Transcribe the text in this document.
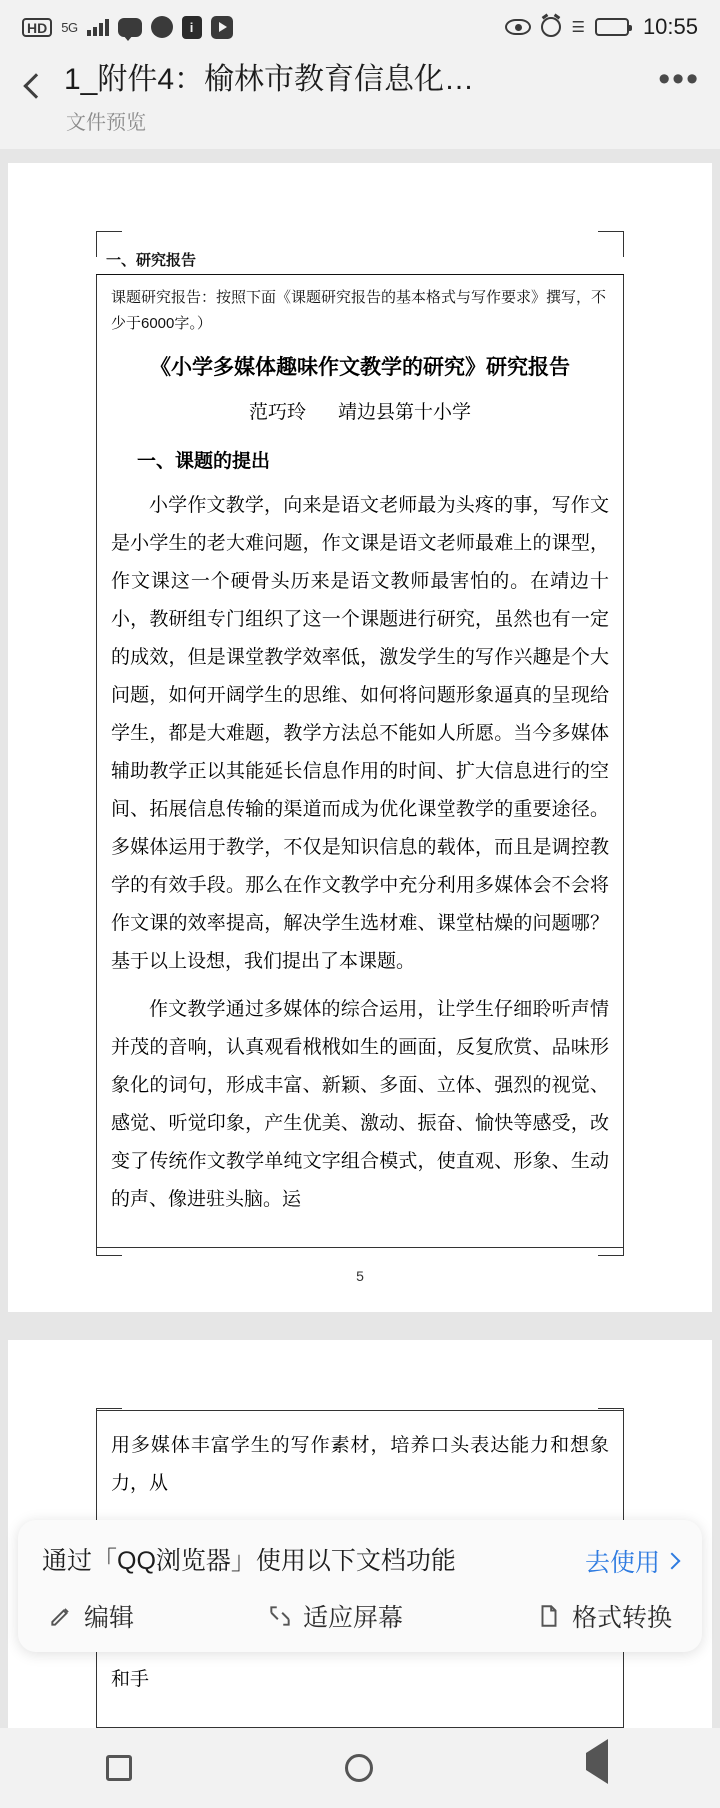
HD	5G	i	☰	10:55
1_附件4：榆林市教育信息化…
文件预览
•••
一、研究报告
课题研究报告：按照下面《课题研究报告的基本格式与写作要求》撰写，不少于6000字。）
《小学多媒体趣味作文教学的研究》研究报告
范巧玲 靖边县第十小学
一、课题的提出

小学作文教学，向来是语文老师最为头疼的事，写作文是小学生的老大难问题，作文课是语文老师最难上的课型，作文课这一个硬骨头历来是语文教师最害怕的。在靖边十小，教研组专门组织了这一个课题进行研究，虽然也有一定的成效，但是课堂教学效率低，激发学生的写作兴趣是个大问题，如何开阔学生的思维、如何将问题形象逼真的呈现给学生，都是大难题，教学方法总不能如人所愿。当今多媒体辅助教学正以其能延长信息作用的时间、扩大信息进行的空间、拓展信息传输的渠道而成为优化课堂教学的重要途径。多媒体运用于教学，不仅是知识信息的载体，而且是调控教学的有效手段。那么在作文教学中充分利用多媒体会不会将作文课的效率提高，解决学生选材难、课堂枯燥的问题哪？基于以上设想，我们提出了本课题。

作文教学通过多媒体的综合运用，让学生仔细聆听声情并茂的音响，认真观看栰栰如生的画面，反复欣赏、品味形象化的词句，形成丰富、新颖、多面、立体、强烈的视觉、感觉、听觉印象，产生优美、激动、振奋、愉快等感受，改变了传统作文教学单纯文字组合模式，使直观、形象、生动的声、像进驻头脑。运

5

用多媒体丰富学生的写作素材，培养口头表达能力和想象力，从

和手

通过「QQ浏览器」使用以下文档功能	去使用
编辑	适应屏幕	格式转换
